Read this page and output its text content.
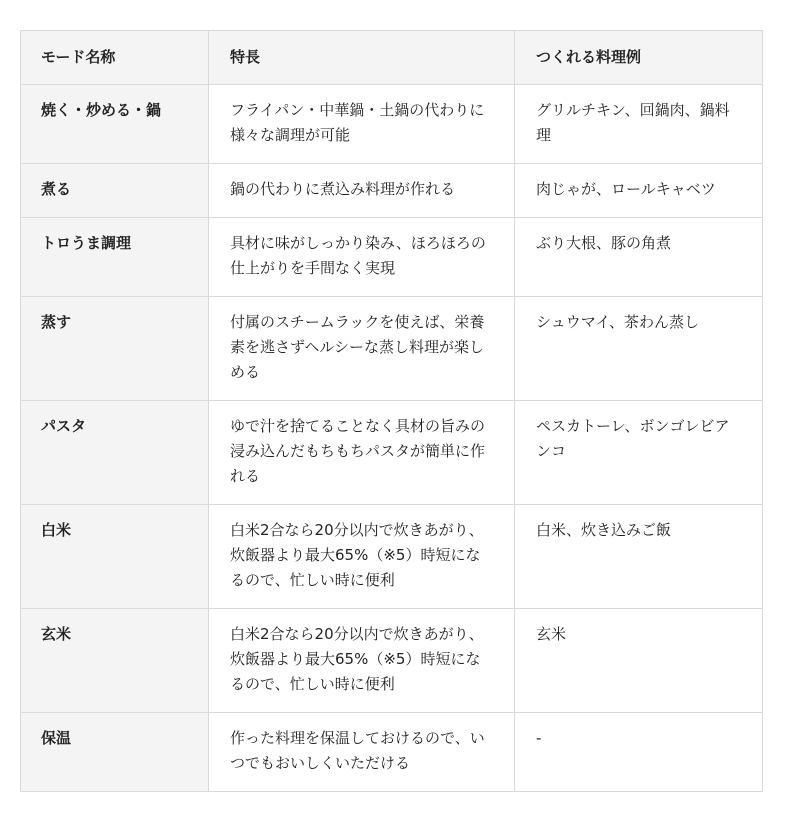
モード名称	特長	つくれる料理例
焼く・炒める・鍋	フライパン・中華鍋・土鍋の代わりに様々な調理が可能	グリルチキン、回鍋肉、鍋料理
煮る	鍋の代わりに煮込み料理が作れる	肉じゃが、ロールキャベツ
トロうま調理	具材に味がしっかり染み、ほろほろの仕上がりを手間なく実現	ぶり大根、豚の角煮
蒸す	付属のスチームラックを使えば、栄養素を逃さずヘルシーな蒸し料理が楽しめる	シュウマイ、茶わん蒸し
パスタ	ゆで汁を捨てることなく具材の旨みの浸み込んだもちもちパスタが簡単に作れる	ペスカトーレ、ボンゴレビアンコ
白米	白米2合なら20分以内で炊きあがり、炊飯器より最大65%（※5）時短になるので、忙しい時に便利	白米、炊き込みご飯
玄米	白米2合なら20分以内で炊きあがり、炊飯器より最大65%（※5）時短になるので、忙しい時に便利	玄米
保温	作った料理を保温しておけるので、いつでもおいしくいただける	-
